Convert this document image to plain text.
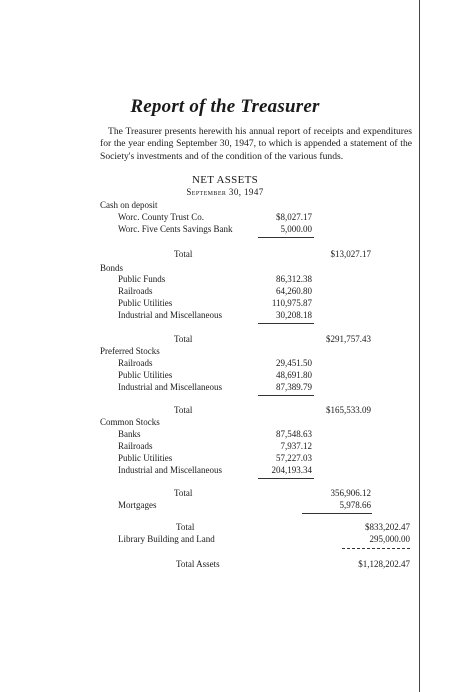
Report of the Treasurer
The Treasurer presents herewith his annual report of receipts and expenditures for the year ending September 30, 1947, to which is appended a statement of the Society's investments and of the condition of the various funds.
NET ASSETS
September 30, 1947
Cash on deposit
Worc. County Trust Co.	$8,027.17
Worc. Five Cents Savings Bank	5,000.00
Total	$13,027.17
Bonds
Public Funds	86,312.38
Railroads	64,260.80
Public Utilities	110,975.87
Industrial and Miscellaneous	30,208.18
Total	$291,757.43
Preferred Stocks
Railroads	29,451.50
Public Utilities	48,691.80
Industrial and Miscellaneous	87,389.79
Total	$165,533.09
Common Stocks
Banks	87,548.63
Railroads	7,937.12
Public Utilities	57,227.03
Industrial and Miscellaneous	204,193.34
Total	356,906.12
Mortgages	5,978.66
Total	$833,202.47
Library Building and Land	295,000.00
Total Assets	$1,128,202.47
